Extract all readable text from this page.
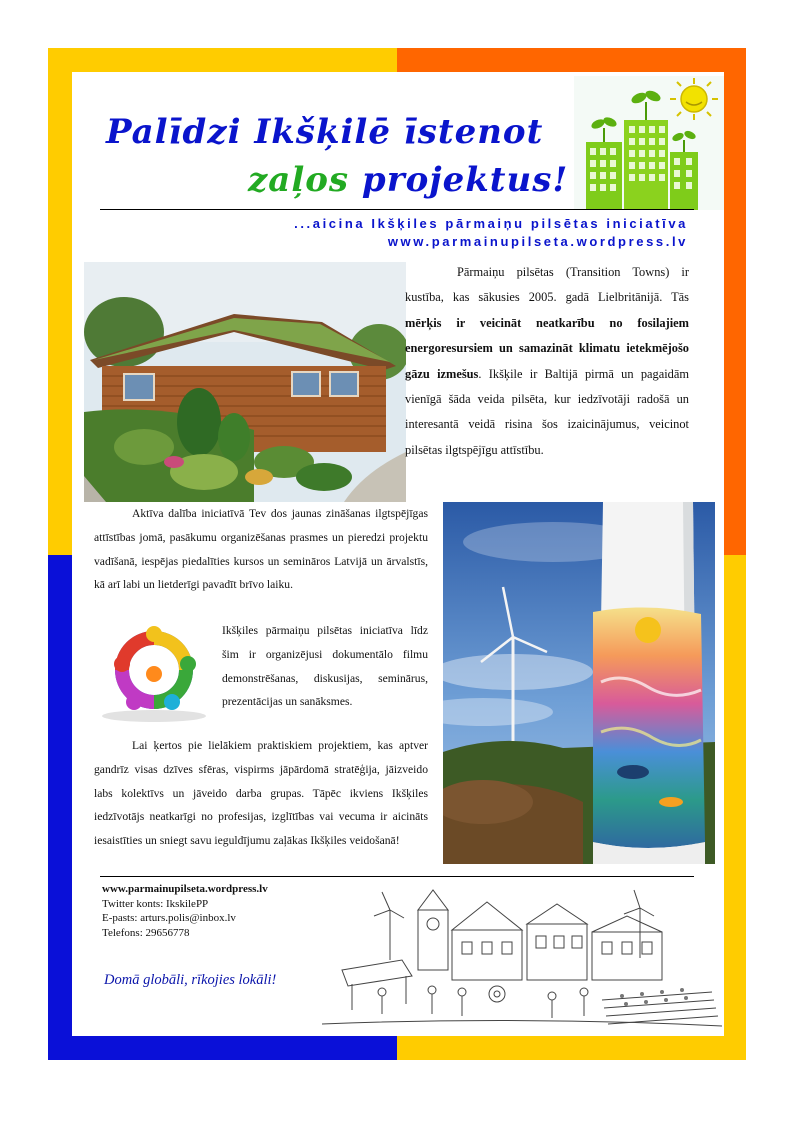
Palīdzi Ikšķilē īstenot
zaļos projektus!

...aicina Ikšķiles pārmaiņu pilsētas iniciatīva

www.parmainupilseta.wordpress.lv

Pārmaiņu pilsētas (Transition Towns) ir kustība, kas sākusies 2005. gadā Lielbritānijā. Tās mērķis ir veicināt neatkarību no fosilajiem energoresursiem un samazināt klimatu ietekmējošo gāzu izmešus. Ikšķile ir Baltijā pirmā un pagaidām vienīgā šāda veida pilsēta, kur iedzīvotāji radošā un interesantā veidā risina šos izaicinājumus, veicinot pilsētas ilgtspējīgu attīstību.

Aktīva dalība iniciatīvā Tev dos jaunas zināšanas ilgtspējīgas attīstības jomā, pasākumu organizēšanas prasmes un pieredzi projektu vadīšanā, iespējas piedalīties kursos un semināros Latvijā un ārvalstīs, kā arī labi un lietderīgi pavadīt brīvo laiku.

Ikšķiles pārmaiņu pilsētas iniciatīva līdz šim ir organizējusi dokumentālo filmu demonstrēšanas, diskusijas, seminārus, prezentācijas un sanāksmes.

Lai ķertos pie lielākiem praktiskiem projektiem, kas aptver gandrīz visas dzīves sfēras, vispirms jāpārdomā stratēģija, jāizveido labs kolektīvs un jāveido darba grupas. Tāpēc ikviens Ikšķiles iedzīvotājs neatkarīgi no profesijas, izglītības vai vecuma ir aicināts iesaistīties un sniegt savu ieguldījumu zaļākas Ikšķiles veidošanā!

www.parmainupilseta.wordpress.lv
Twitter konts: IkskilePP
E-pasts: arturs.polis@inbox.lv
Telefons: 29656778

Domā globāli, rīkojies lokāli!
